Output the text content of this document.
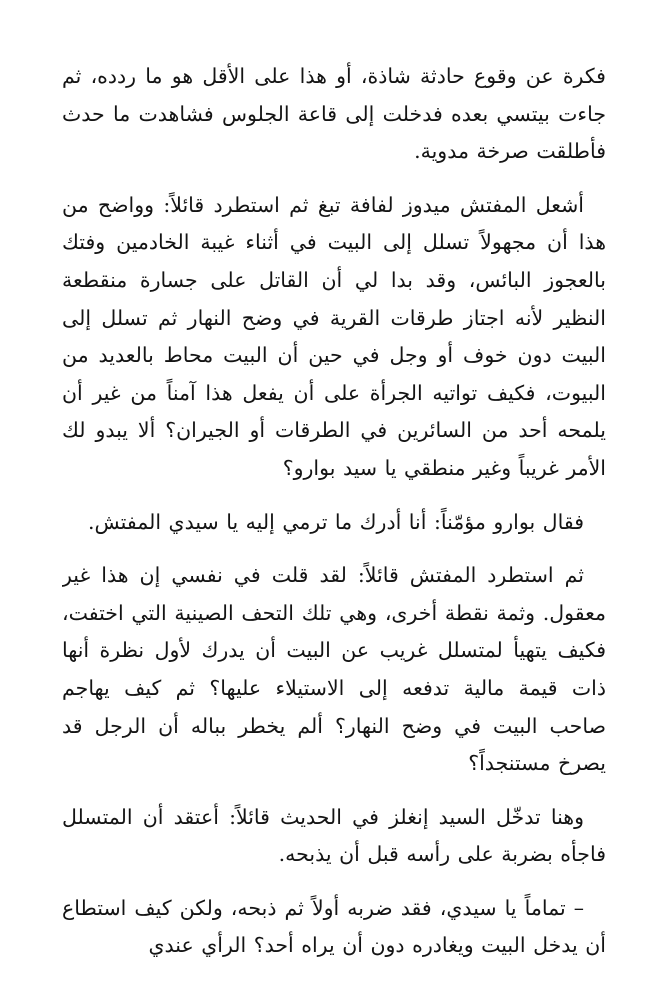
فكرة عن وقوع حادثة شاذة، أو هذا على الأقل هو ما ردده، ثم جاءت بيتسي بعده فدخلت إلى قاعة الجلوس فشاهدت ما حدث فأطلقت صرخة مدوية.

أشعل المفتش ميدوز لفافة تبغ ثم استطرد قائلاً: وواضح من هذا أن مجهولاً تسلل إلى البيت في أثناء غيبة الخادمين وفتك بالعجوز البائس، وقد بدا لي أن القاتل على جسارة منقطعة النظير لأنه اجتاز طرقات القرية في وضح النهار ثم تسلل إلى البيت دون خوف أو وجل في حين أن البيت محاط بالعديد من البيوت، فكيف تواتيه الجرأة على أن يفعل هذا آمناً من غير أن يلمحه أحد من السائرين في الطرقات أو الجيران؟ ألا يبدو لك الأمر غريباً وغير منطقي يا سيد بوارو؟

فقال بوارو مؤمّناً: أنا أدرك ما ترمي إليه يا سيدي المفتش.

ثم استطرد المفتش قائلاً: لقد قلت في نفسي إن هذا غير معقول. وثمة نقطة أخرى، وهي تلك التحف الصينية التي اختفت، فكيف يتهيأ لمتسلل غريب عن البيت أن يدرك لأول نظرة أنها ذات قيمة مالية تدفعه إلى الاستيلاء عليها؟ ثم كيف يهاجم صاحب البيت في وضح النهار؟ ألم يخطر بباله أن الرجل قد يصرخ مستنجداً؟

وهنا تدخّل السيد إنغلز في الحديث قائلاً: أعتقد أن المتسلل فاجأه بضربة على رأسه قبل أن يذبحه.

– تماماً يا سيدي، فقد ضربه أولاً ثم ذبحه، ولكن كيف استطاع أن يدخل البيت ويغادره دون أن يراه أحد؟ الرأي عندي
